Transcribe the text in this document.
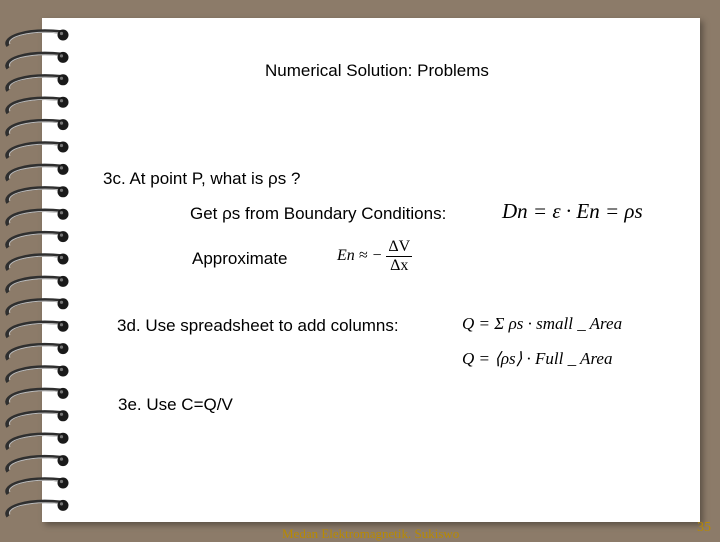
Numerical Solution: Problems
3c. At point P, what is ρs ?
Get ρs from Boundary Conditions:	Dn = ε · En = ρs
Approximate	En ≈ − $\frac{\Delta V}{\Delta x}$
3d. Use spreadsheet to add columns:	Q = Σ ρs · small _ Area
Q = ⟨ρs⟩ · Full _ Area
3e. Use C=Q/V
Medan Elektromagnetik. Sukiswo	35
